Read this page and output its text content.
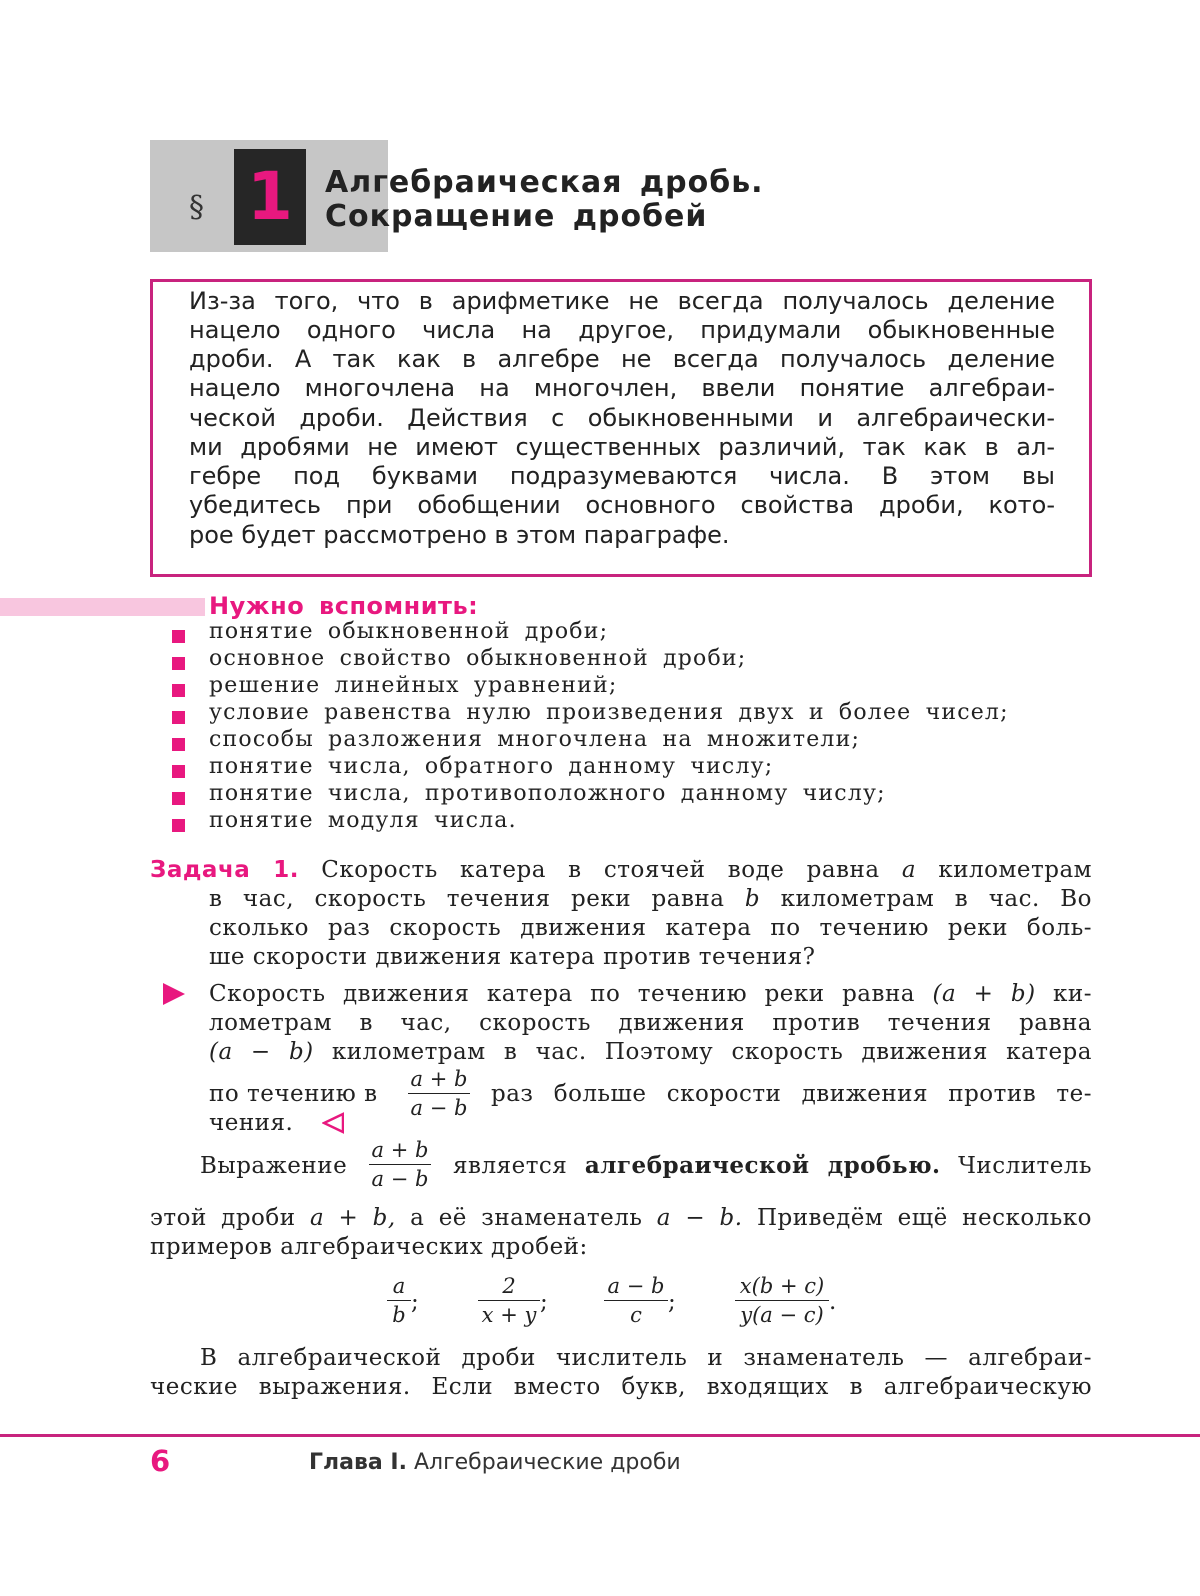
§ 1	Алгебраическая дробь.
Сокращение дробей
Из-за того, что в арифметике не всегда получалось деление
нацело одного числа на другое, придумали обыкновенные
дроби. А так как в алгебре не всегда получалось деление
нацело многочлена на многочлен, ввели понятие алгебраи-
ческой дроби. Действия с обыкновенными и алгебраически-
ми дробями не имеют существенных различий, так как в ал-
гебре под буквами подразумеваются числа. В этом вы
убедитесь при обобщении основного свойства дроби, кото-
рое будет рассмотрено в этом параграфе.
Нужно вспомнить:
понятие обыкновенной дроби;
основное свойство обыкновенной дроби;
решение линейных уравнений;
условие равенства нулю произведения двух и более чисел;
способы разложения многочлена на множители;
понятие числа, обратного данному числу;
понятие числа, противоположного данному числу;
понятие модуля числа.
Задача 1. Скорость катера в стоячей воде равна a километрам
в час, скорость течения реки равна b километрам в час. Во
сколько раз скорость движения катера по течению реки боль-
ше скорости движения катера против течения?
Скорость движения катера по течению реки равна (a + b) ки-
лометрам в час, скорость движения против течения равна
(a − b) километрам в час. Поэтому скорость движения катера
по течению в
a + b
a − b
раз больше скорости движения против те-
чения.
Выражение
a + b
a − b является алгебраической дробью. Числитель
этой дроби a + b, а её знаменатель a − b. Приведём ещё несколько
примеров алгебраических дробей:
a
b ;
2
x + y ;
a − b
c	;
x(b + c)
y(a − c) .
В алгебраической дроби числитель и знаменатель — алгебраи-
ческие выражения. Если вместо букв, входящих в алгебраическую
6	Глава I. Алгебраические дроби
